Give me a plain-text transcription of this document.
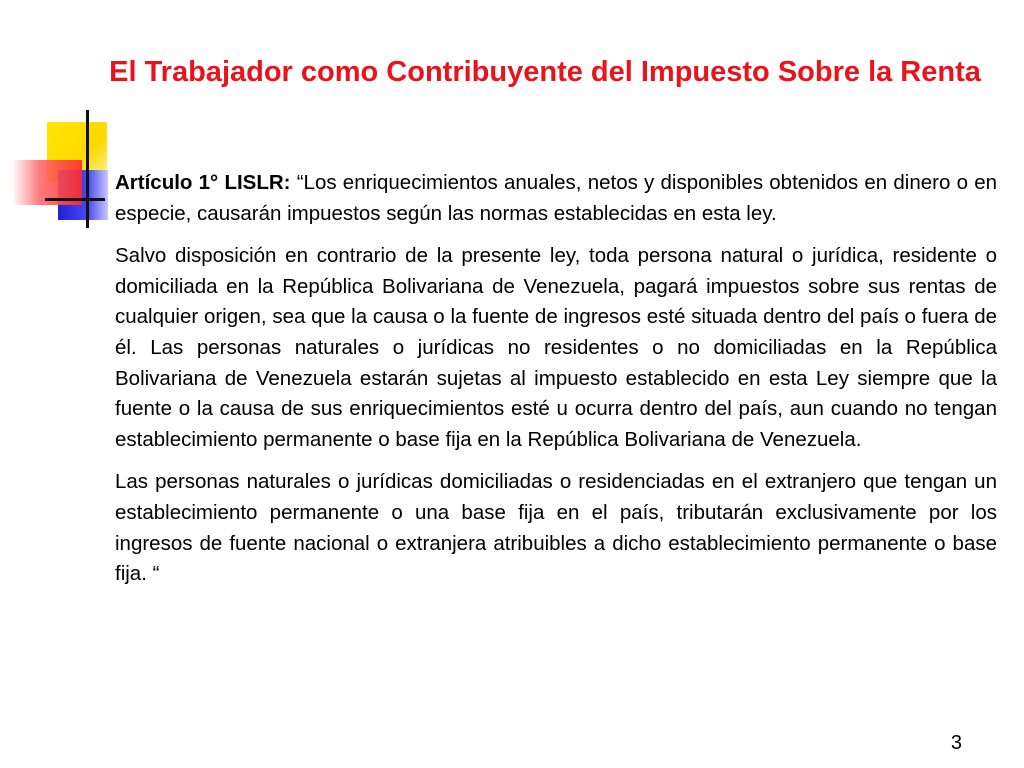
El Trabajador como Contribuyente del Impuesto Sobre la Renta

Artículo 1° LISLR: “Los enriquecimientos anuales, netos y disponibles obtenidos en dinero o en especie, causarán impuestos según las normas establecidas en esta ley.

Salvo disposición en contrario de la presente ley, toda persona natural o jurídica, residente o domiciliada en la República Bolivariana de Venezuela, pagará impuestos sobre sus rentas de cualquier origen, sea que la causa o la fuente de ingresos esté situada dentro del país o fuera de él. Las personas naturales o jurídicas no residentes o no domiciliadas en la República Bolivariana de Venezuela estarán sujetas al impuesto establecido en esta Ley siempre que la fuente o la causa de sus enriquecimientos esté u ocurra dentro del país, aun cuando no tengan establecimiento permanente o base fija en la República Bolivariana de Venezuela.

Las personas naturales o jurídicas domiciliadas o residenciadas en el extranjero que tengan un establecimiento permanente o una base fija en el país, tributarán exclusivamente por los ingresos de fuente nacional o extranjera atribuibles a dicho establecimiento permanente o base fija. “

3
